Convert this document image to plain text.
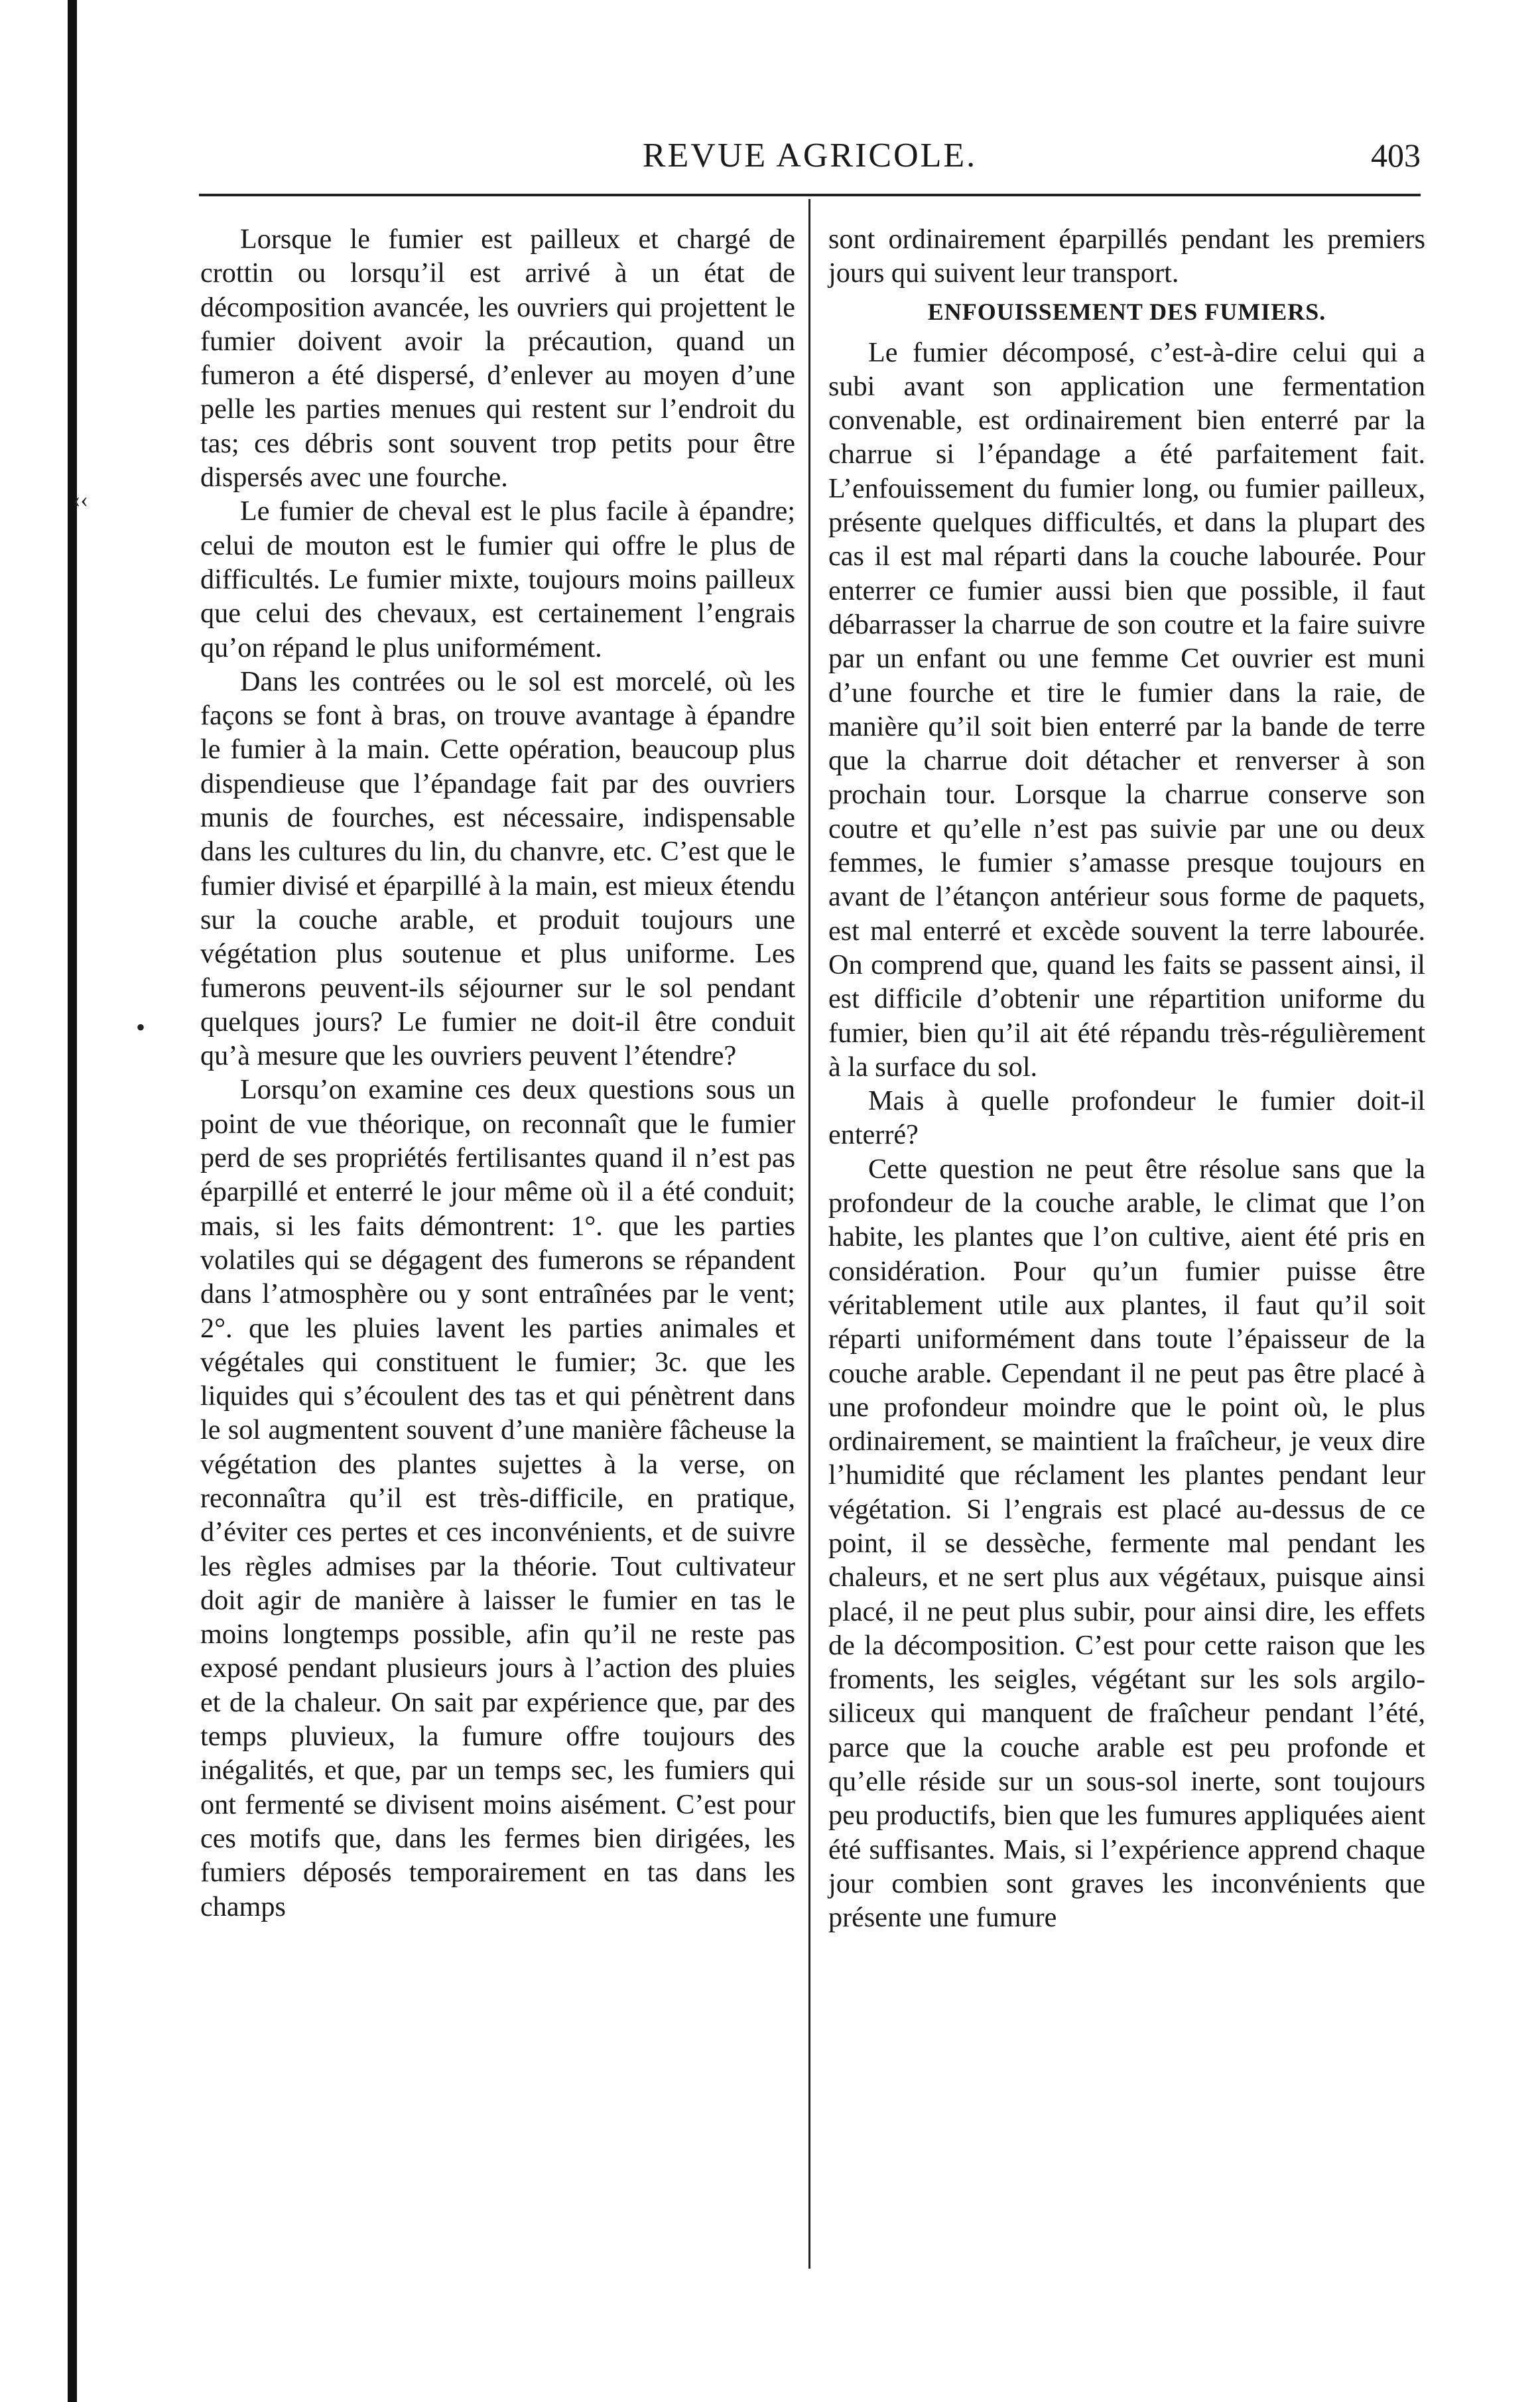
‹‹
•
REVUE AGRICOLE.	403

Lorsque le fumier est pailleux et chargé de crottin ou lorsqu’il est arrivé à un état de décomposition avancée, les ouvriers qui projettent le fumier doivent avoir la précaution, quand un fumeron a été dispersé, d’enlever au moyen d’une pelle les parties menues qui restent sur l’endroit du tas; ces débris sont souvent trop petits pour être dispersés avec une fourche.

Le fumier de cheval est le plus facile à épandre; celui de mouton est le fumier qui offre le plus de difficultés. Le fumier mixte, toujours moins pailleux que celui des chevaux, est certainement l’engrais qu’on répand le plus uniformément.

Dans les contrées ou le sol est morcelé, où les façons se font à bras, on trouve avantage à épandre le fumier à la main. Cette opération, beaucoup plus dispendieuse que l’épandage fait par des ouvriers munis de fourches, est nécessaire, indispensable dans les cultures du lin, du chanvre, etc. C’est que le fumier divisé et éparpillé à la main, est mieux étendu sur la couche arable, et produit toujours une végétation plus soutenue et plus uniforme. Les fumerons peuvent-ils séjourner sur le sol pendant quelques jours? Le fumier ne doit-il être conduit qu’à mesure que les ouvriers peuvent l’étendre?

Lorsqu’on examine ces deux questions sous un point de vue théorique, on reconnaît que le fumier perd de ses propriétés fertilisantes quand il n’est pas éparpillé et enterré le jour même où il a été conduit; mais, si les faits démontrent: 1°. que les parties volatiles qui se dégagent des fumerons se répandent dans l’atmosphère ou y sont entraînées par le vent; 2°. que les pluies lavent les parties animales et végétales qui constituent le fumier; 3c. que les liquides qui s’écoulent des tas et qui pénètrent dans le sol augmentent souvent d’une manière fâcheuse la végétation des plantes sujettes à la verse, on reconnaîtra qu’il est très-difficile, en pratique, d’éviter ces pertes et ces inconvénients, et de suivre les règles admises par la théorie. Tout cultivateur doit agir de manière à laisser le fumier en tas le moins longtemps possible, afin qu’il ne reste pas exposé pendant plusieurs jours à l’action des pluies et de la chaleur. On sait par expérience que, par des temps pluvieux, la fumure offre toujours des inégalités, et que, par un temps sec, les fumiers qui ont fermenté se divisent moins aisément. C’est pour ces motifs que, dans les fermes bien dirigées, les fumiers déposés temporairement en tas dans les champs

sont ordinairement éparpillés pendant les premiers jours qui suivent leur transport.

ENFOUISSEMENT DES FUMIERS.

Le fumier décomposé, c’est-à-dire celui qui a subi avant son application une fermentation convenable, est ordinairement bien enterré par la charrue si l’épandage a été parfaitement fait. L’enfouissement du fumier long, ou fumier pailleux, présente quelques difficultés, et dans la plupart des cas il est mal réparti dans la couche labourée. Pour enterrer ce fumier aussi bien que possible, il faut débarrasser la charrue de son coutre et la faire suivre par un enfant ou une femme Cet ouvrier est muni d’une fourche et tire le fumier dans la raie, de manière qu’il soit bien enterré par la bande de terre que la charrue doit détacher et renverser à son prochain tour. Lorsque la charrue conserve son coutre et qu’elle n’est pas suivie par une ou deux femmes, le fumier s’amasse presque toujours en avant de l’étançon antérieur sous forme de paquets, est mal enterré et excède souvent la terre labourée. On comprend que, quand les faits se passent ainsi, il est difficile d’obtenir une répartition uniforme du fumier, bien qu’il ait été répandu très-régulièrement à la surface du sol.

Mais à quelle profondeur le fumier doit-il enterré?

Cette question ne peut être résolue sans que la profondeur de la couche arable, le climat que l’on habite, les plantes que l’on cultive, aient été pris en considération. Pour qu’un fumier puisse être véritablement utile aux plantes, il faut qu’il soit réparti uniformément dans toute l’épaisseur de la couche arable. Cependant il ne peut pas être placé à une profondeur moindre que le point où, le plus ordinairement, se maintient la fraîcheur, je veux dire l’humidité que réclament les plantes pendant leur végétation. Si l’engrais est placé au-dessus de ce point, il se dessèche, fermente mal pendant les chaleurs, et ne sert plus aux végétaux, puisque ainsi placé, il ne peut plus subir, pour ainsi dire, les effets de la décomposition. C’est pour cette raison que les froments, les seigles, végétant sur les sols argilo-siliceux qui manquent de fraîcheur pendant l’été, parce que la couche arable est peu profonde et qu’elle réside sur un sous-sol inerte, sont toujours peu productifs, bien que les fumures appliquées aient été suffisantes. Mais, si l’expérience apprend chaque jour combien sont graves les inconvénients que présente une fumure
